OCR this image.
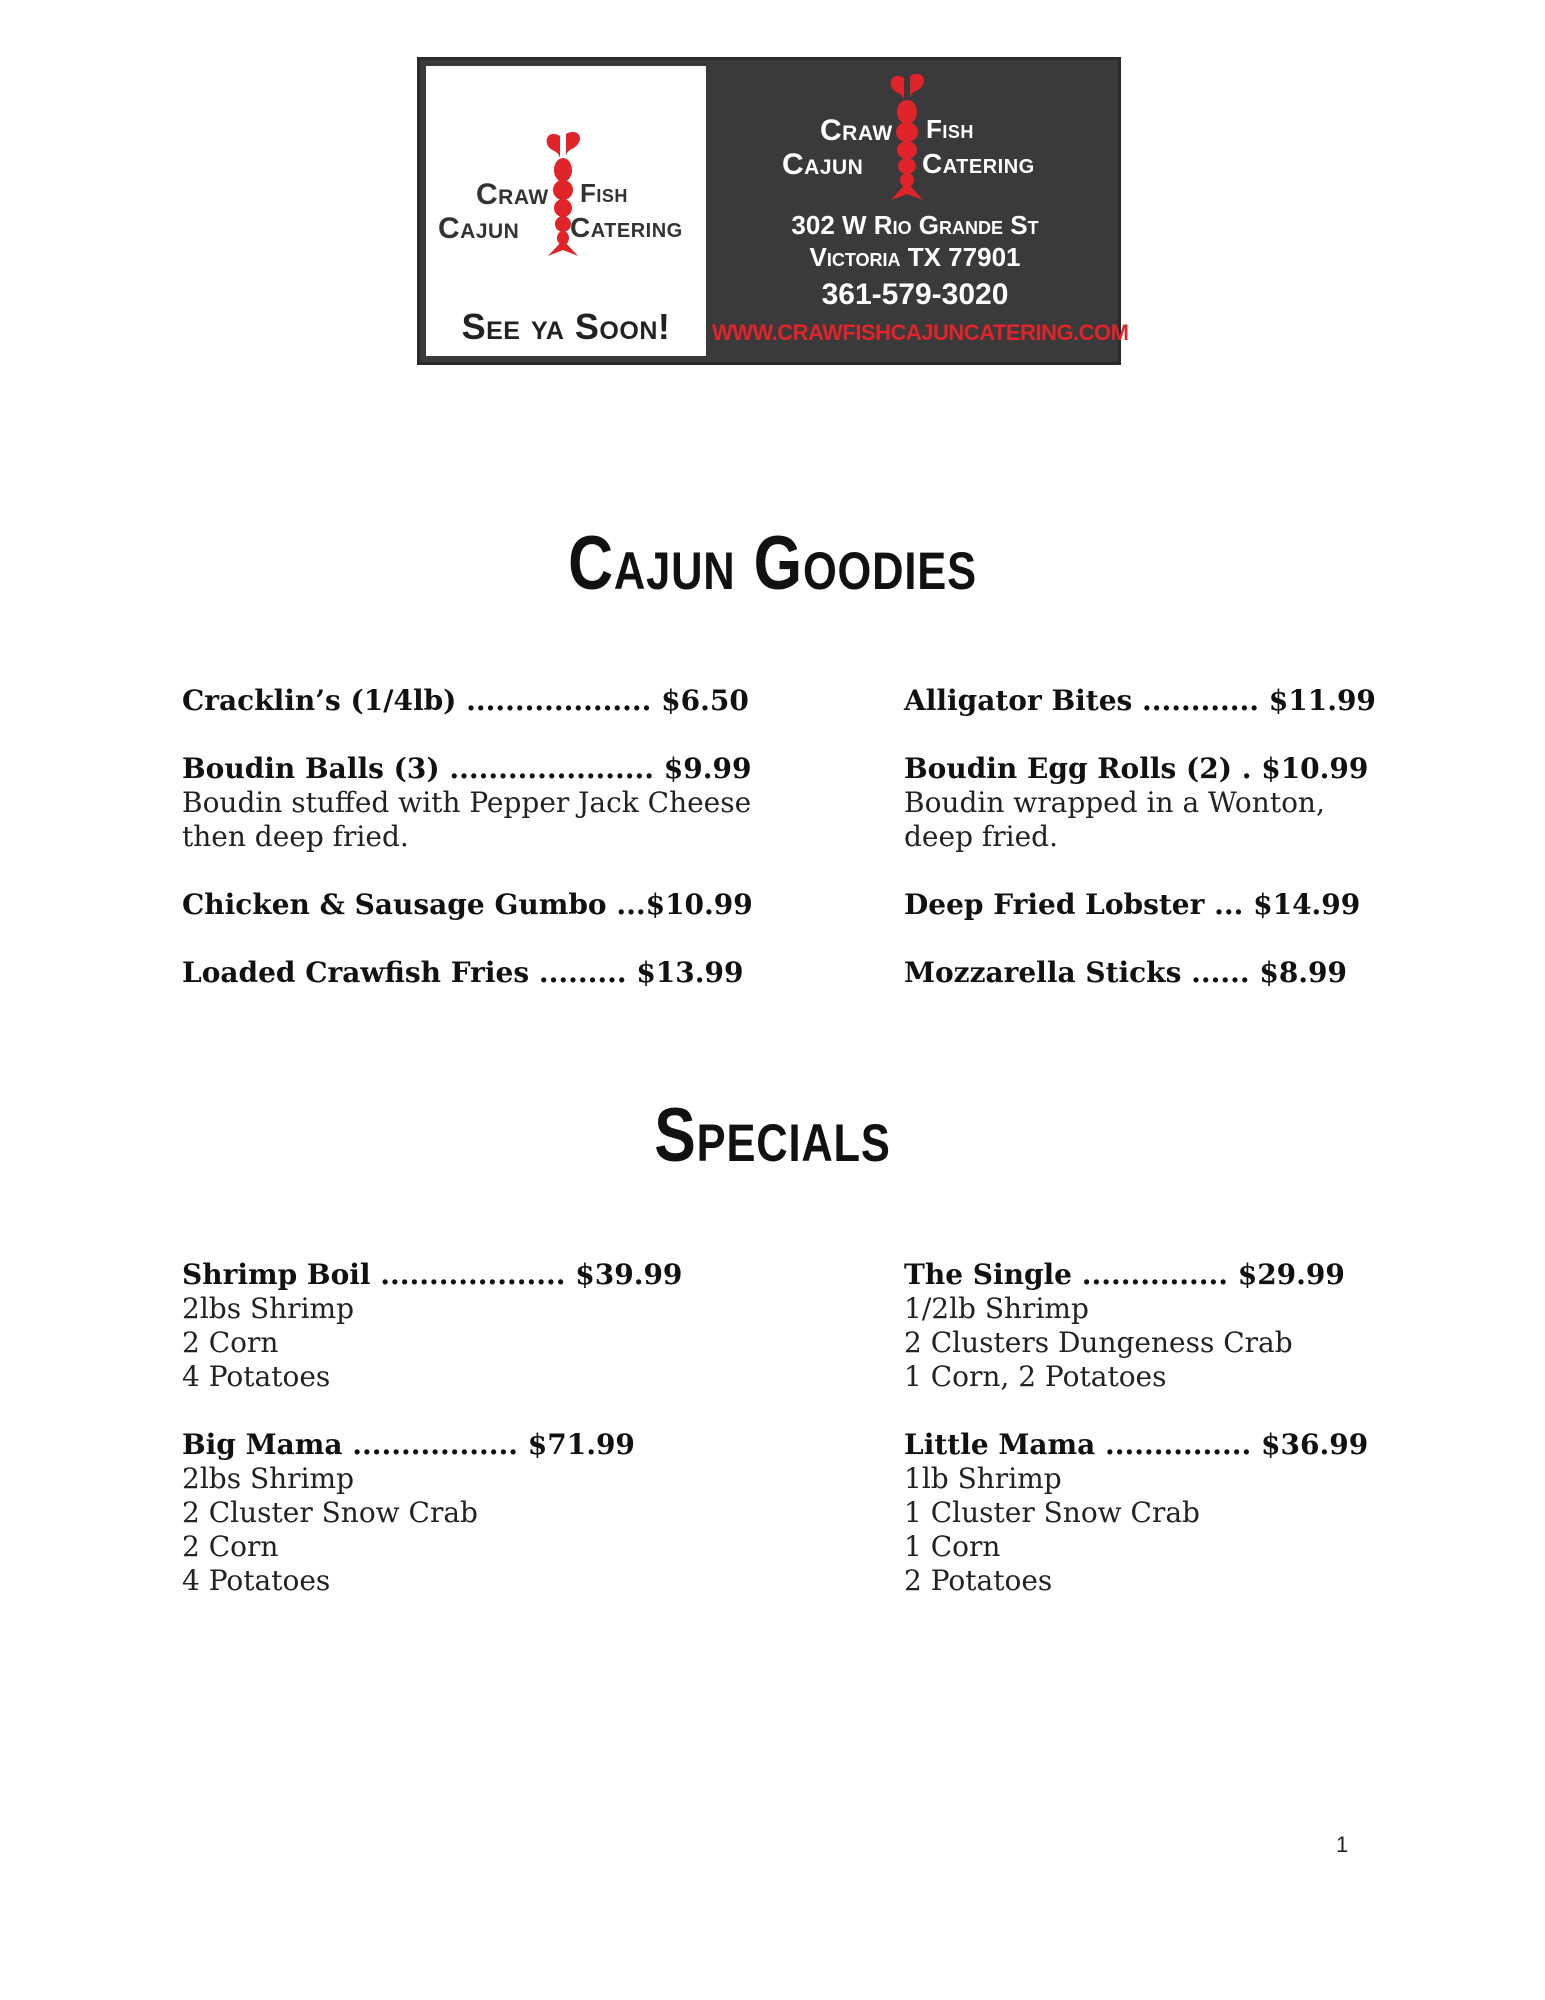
Craw Fish
Cajun Catering
See ya Soon!
Craw Fish
Cajun Catering
302 W Rio Grande St
Victoria TX 77901
361-579-3020
WWW.CRAWFISHCAJUNCATERING.COM
Cajun Goodies
Cracklin’s (1/4lb) ................... $6.50	Alligator Bites ............ $11.99
Boudin Balls (3) ..................... $9.99
Boudin stuffed with Pepper Jack Cheese
then deep fried.
Boudin Egg Rolls (2) . $10.99
Boudin wrapped in a Wonton,
deep fried.
Chicken & Sausage Gumbo ...$10.99	Deep Fried Lobster ... $14.99
Loaded Crawfish Fries ......... $13.99	Mozzarella Sticks ...... $8.99
Specials
Shrimp Boil ................... $39.99
2lbs Shrimp
2 Corn
4 Potatoes
The Single ............... $29.99
1/2lb Shrimp
2 Clusters Dungeness Crab
1 Corn, 2 Potatoes
Big Mama ................. $71.99
2lbs Shrimp
2 Cluster Snow Crab
2 Corn
4 Potatoes
Little Mama ............... $36.99
1lb Shrimp
1 Cluster Snow Crab
1 Corn
2 Potatoes
1
